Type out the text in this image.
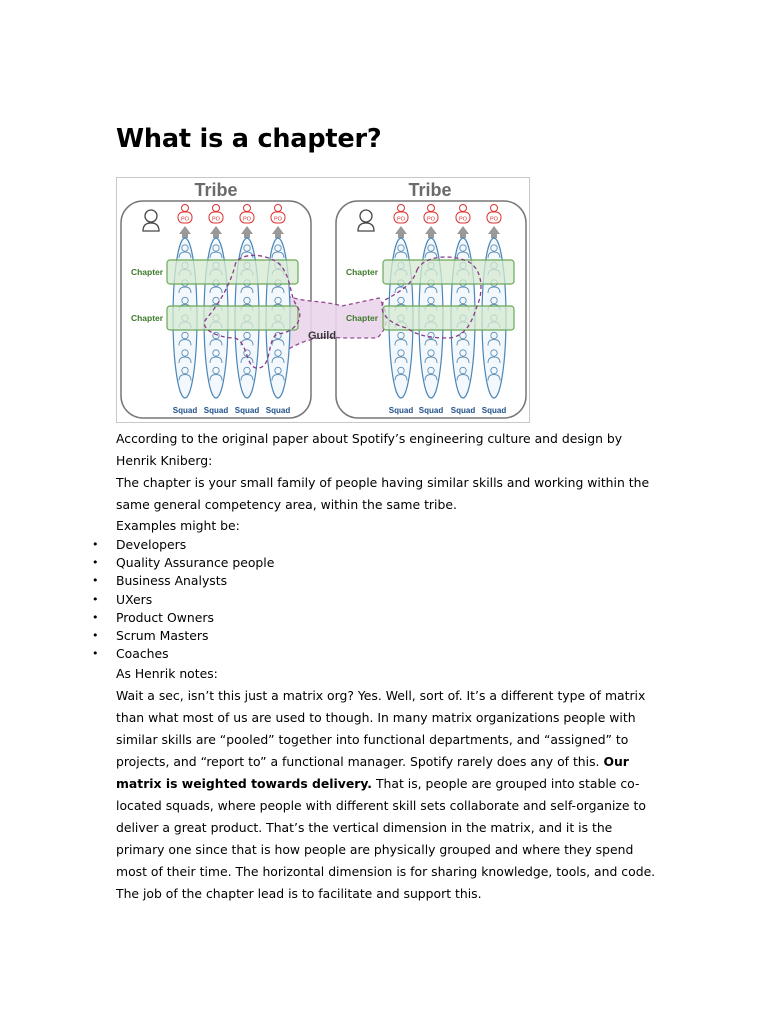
What is a chapter?
Tribe	Tribe
PO
Squad
PO
Squad
PO
Squad
PO
Squad
Chapter
Chapter
PO
Squad
PO
Squad
PO
Squad
PO
Squad
Chapter
Chapter
Guild

According to the original paper about Spotify’s engineering culture and design by Henrik Kniberg:

The chapter is your small family of people having similar skills and working within the same general competency area, within the same tribe.

Examples might be:

• Developers
• Quality Assurance people
• Business Analysts
• UXers
• Product Owners
• Scrum Masters
• Coaches

As Henrik notes:

Wait a sec, isn’t this just a matrix org? Yes. Well, sort of. It’s a different type of matrix than what most of us are used to though. In many matrix organizations people with similar skills are “pooled” together into functional departments, and “assigned” to projects, and “report to” a functional manager. Spotify rarely does any of this. Our matrix is weighted towards delivery. That is, people are grouped into stable co-located squads, where people with different skill sets collaborate and self-organize to deliver a great product. That’s the vertical dimension in the matrix, and it is the primary one since that is how people are physically grouped and where they spend most of their time. The horizontal dimension is for sharing knowledge, tools, and code. The job of the chapter lead is to facilitate and support this.
